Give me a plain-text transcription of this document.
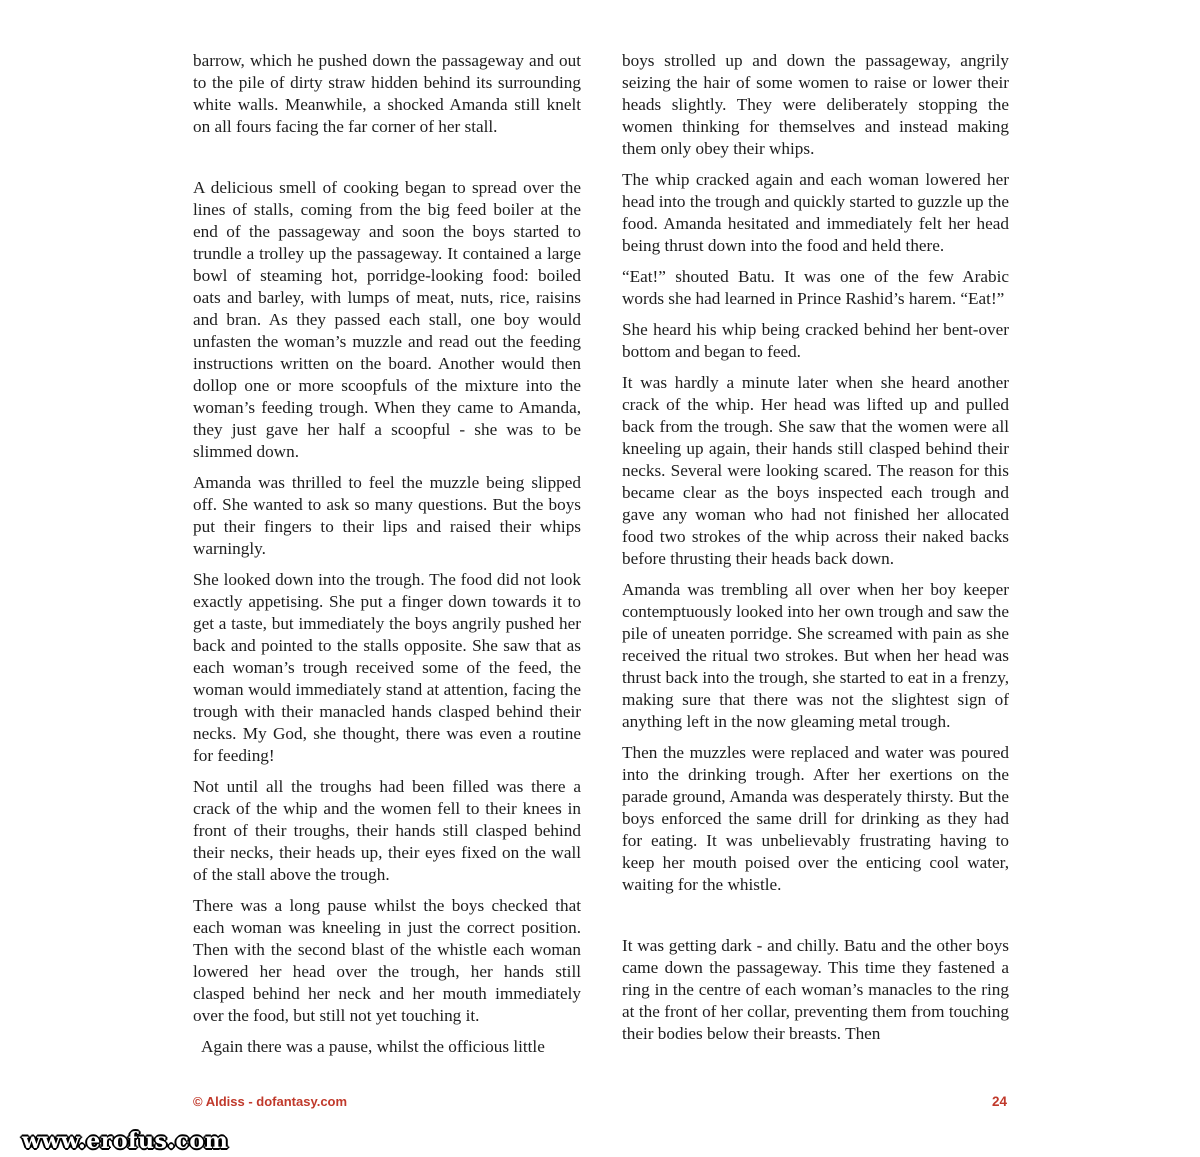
barrow, which he pushed down the passageway and out to the pile of dirty straw hidden behind its surrounding white walls. Meanwhile, a shocked Amanda still knelt on all fours facing the far corner of her stall.

A delicious smell of cooking began to spread over the lines of stalls, coming from the big feed boiler at the end of the passageway and soon the boys started to trundle a trolley up the passageway. It contained a large bowl of steaming hot, porridge-looking food: boiled oats and barley, with lumps of meat, nuts, rice, raisins and bran. As they passed each stall, one boy would unfasten the woman’s muzzle and read out the feeding instructions written on the board. Another would then dollop one or more scoopfuls of the mixture into the woman’s feeding trough. When they came to Amanda, they just gave her half a scoopful - she was to be slimmed down.

Amanda was thrilled to feel the muzzle being slipped off. She wanted to ask so many questions. But the boys put their fingers to their lips and raised their whips warningly.

She looked down into the trough. The food did not look exactly appetising. She put a finger down towards it to get a taste, but immediately the boys angrily pushed her back and pointed to the stalls opposite. She saw that as each woman’s trough received some of the feed, the woman would immediately stand at attention, facing the trough with their manacled hands clasped behind their necks. My God, she thought, there was even a routine for feeding!

Not until all the troughs had been filled was there a crack of the whip and the women fell to their knees in front of their troughs, their hands still clasped behind their necks, their heads up, their eyes fixed on the wall of the stall above the trough.

There was a long pause whilst the boys checked that each woman was kneeling in just the correct position. Then with the second blast of the whistle each woman lowered her head over the trough, her hands still clasped behind her neck and her mouth immediately over the food, but still not yet touching it.

Again there was a pause, whilst the officious little

boys strolled up and down the passageway, angrily seizing the hair of some women to raise or lower their heads slightly. They were deliberately stopping the women thinking for themselves and instead making them only obey their whips.

The whip cracked again and each woman lowered her head into the trough and quickly started to guzzle up the food. Amanda hesitated and immediately felt her head being thrust down into the food and held there.

“Eat!” shouted Batu. It was one of the few Arabic words she had learned in Prince Rashid’s harem. “Eat!”

She heard his whip being cracked behind her bent-over bottom and began to feed.

It was hardly a minute later when she heard another crack of the whip. Her head was lifted up and pulled back from the trough. She saw that the women were all kneeling up again, their hands still clasped behind their necks. Several were looking scared. The reason for this became clear as the boys inspected each trough and gave any woman who had not finished her allocated food two strokes of the whip across their naked backs before thrusting their heads back down.

Amanda was trembling all over when her boy keeper contemptuously looked into her own trough and saw the pile of uneaten porridge. She screamed with pain as she received the ritual two strokes. But when her head was thrust back into the trough, she started to eat in a frenzy, making sure that there was not the slightest sign of anything left in the now gleaming metal trough.

Then the muzzles were replaced and water was poured into the drinking trough. After her exertions on the parade ground, Amanda was desperately thirsty. But the boys enforced the same drill for drinking as they had for eating. It was unbelievably frustrating having to keep her mouth poised over the enticing cool water, waiting for the whistle.

It was getting dark - and chilly. Batu and the other boys came down the passageway. This time they fastened a ring in the centre of each woman’s manacles to the ring at the front of her collar, preventing them from touching their bodies below their breasts. Then

© Aldiss - dofantasy.com	24
www.erofus.com
